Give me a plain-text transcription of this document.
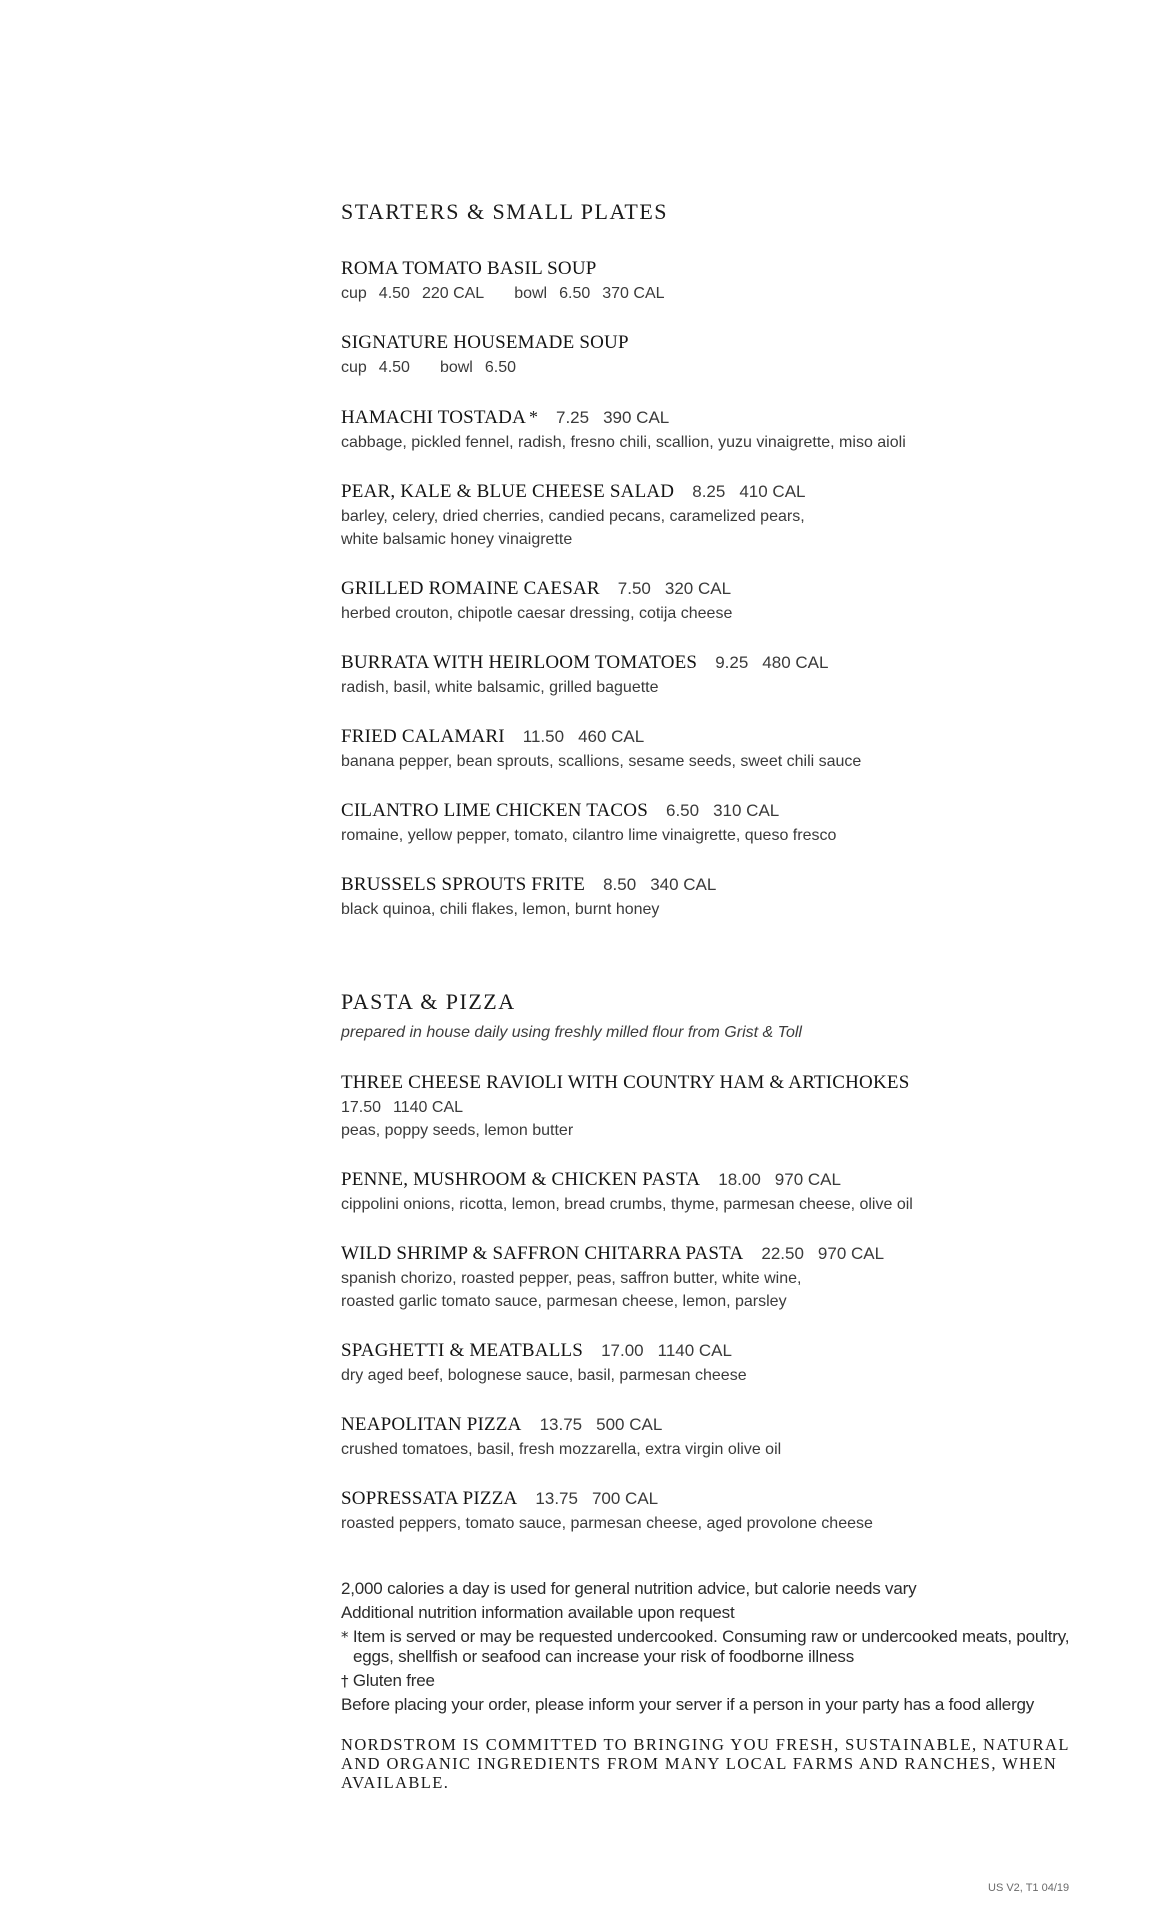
STARTERS & SMALL PLATES
ROMA TOMATO BASIL SOUP
cup 4.50 220 CAL bowl 6.50 370 CAL
SIGNATURE HOUSEMADE SOUP
cup 4.50 bowl 6.50
HAMACHI TOSTADA * 7.25 390 CAL
cabbage, pickled fennel, radish, fresno chili, scallion, yuzu vinaigrette, miso aioli
PEAR, KALE & BLUE CHEESE SALAD 8.25 410 CAL
barley, celery, dried cherries, candied pecans, caramelized pears,
white balsamic honey vinaigrette
GRILLED ROMAINE CAESAR 7.50 320 CAL
herbed crouton, chipotle caesar dressing, cotija cheese
BURRATA WITH HEIRLOOM TOMATOES 9.25 480 CAL
radish, basil, white balsamic, grilled baguette
FRIED CALAMARI 11.50 460 CAL
banana pepper, bean sprouts, scallions, sesame seeds, sweet chili sauce
CILANTRO LIME CHICKEN TACOS 6.50 310 CAL
romaine, yellow pepper, tomato, cilantro lime vinaigrette, queso fresco
BRUSSELS SPROUTS FRITE 8.50 340 CAL
black quinoa, chili flakes, lemon, burnt honey
PASTA & PIZZA
prepared in house daily using freshly milled flour from Grist & Toll
THREE CHEESE RAVIOLI WITH COUNTRY HAM & ARTICHOKES
17.50 1140 CAL
peas, poppy seeds, lemon butter
PENNE, MUSHROOM & CHICKEN PASTA 18.00 970 CAL
cippolini onions, ricotta, lemon, bread crumbs, thyme, parmesan cheese, olive oil
WILD SHRIMP & SAFFRON CHITARRA PASTA 22.50 970 CAL
spanish chorizo, roasted pepper, peas, saffron butter, white wine,
roasted garlic tomato sauce, parmesan cheese, lemon, parsley
SPAGHETTI & MEATBALLS 17.00 1140 CAL
dry aged beef, bolognese sauce, basil, parmesan cheese
NEAPOLITAN PIZZA 13.75 500 CAL
crushed tomatoes, basil, fresh mozzarella, extra virgin olive oil
SOPRESSATA PIZZA 13.75 700 CAL
roasted peppers, tomato sauce, parmesan cheese, aged provolone cheese
2,000 calories a day is used for general nutrition advice, but calorie needs vary
Additional nutrition information available upon request
* Item is served or may be requested undercooked. Consuming raw or undercooked meats, poultry,
eggs, shellfish or seafood can increase your risk of foodborne illness
† Gluten free
Before placing your order, please inform your server if a person in your party has a food allergy
NORDSTROM IS COMMITTED TO BRINGING YOU FRESH, SUSTAINABLE, NATURAL AND ORGANIC INGREDIENTS FROM MANY LOCAL FARMS AND RANCHES, WHEN AVAILABLE.
US V2, T1 04/19
